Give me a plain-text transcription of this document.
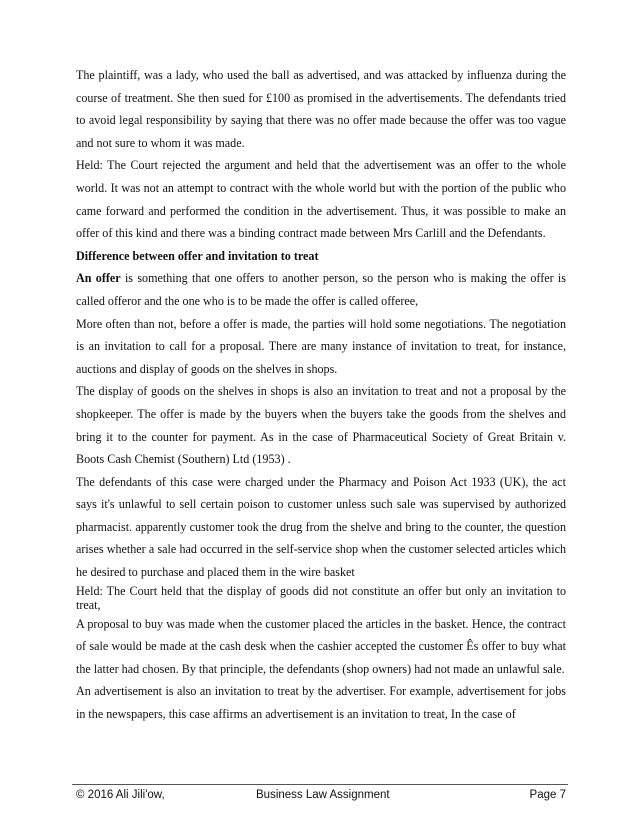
The plaintiff, was a lady, who used the ball as advertised, and was attacked by influenza during the course of treatment. She then sued for £100 as promised in the advertisements. The defendants tried to avoid legal responsibility by saying that there was no offer made because the offer was too vague and not sure to whom it was made.

Held: The Court rejected the argument and held that the advertisement was an offer to the whole world. It was not an attempt to contract with the whole world but with the portion of the public who came forward and performed the condition in the advertisement. Thus, it was possible to make an offer of this kind and there was a binding contract made between Mrs Carlill and the Defendants.

Difference between offer and invitation to treat

An offer is something that one offers to another person, so the person who is making the offer is called offeror and the one who is to be made the offer is called offeree,

More often than not, before a offer is made, the parties will hold some negotiations. The negotiation is an invitation to call for a proposal. There are many instance of invitation to treat, for instance, auctions and display of goods on the shelves in shops.

The display of goods on the shelves in shops is also an invitation to treat and not a proposal by the shopkeeper. The offer is made by the buyers when the buyers take the goods from the shelves and bring it to the counter for payment. As in the case of Pharmaceutical Society of Great Britain v. Boots Cash Chemist (Southern) Ltd (1953) .

The defendants of this case were charged under the Pharmacy and Poison Act 1933 (UK), the act says it's unlawful to sell certain poison to customer unless such sale was supervised by authorized pharmacist. apparently customer took the drug from the shelve and bring to the counter, the question arises whether a sale had occurred in the self-service shop when the customer selected articles which he desired to purchase and placed them in the wire basket

Held: The Court held that the display of goods did not constitute an offer but only an invitation to treat,

A proposal to buy was made when the customer placed the articles in the basket. Hence, the contract of sale would be made at the cash desk when the cashier accepted the customer Ês offer to buy what the latter had chosen. By that principle, the defendants (shop owners) had not made an unlawful sale.

An advertisement is also an invitation to treat by the advertiser. For example, advertisement for jobs in the newspapers, this case affirms an advertisement is an invitation to treat, In the case of

© 2016 Ali Jili'ow,	Business Law Assignment	Page 7
